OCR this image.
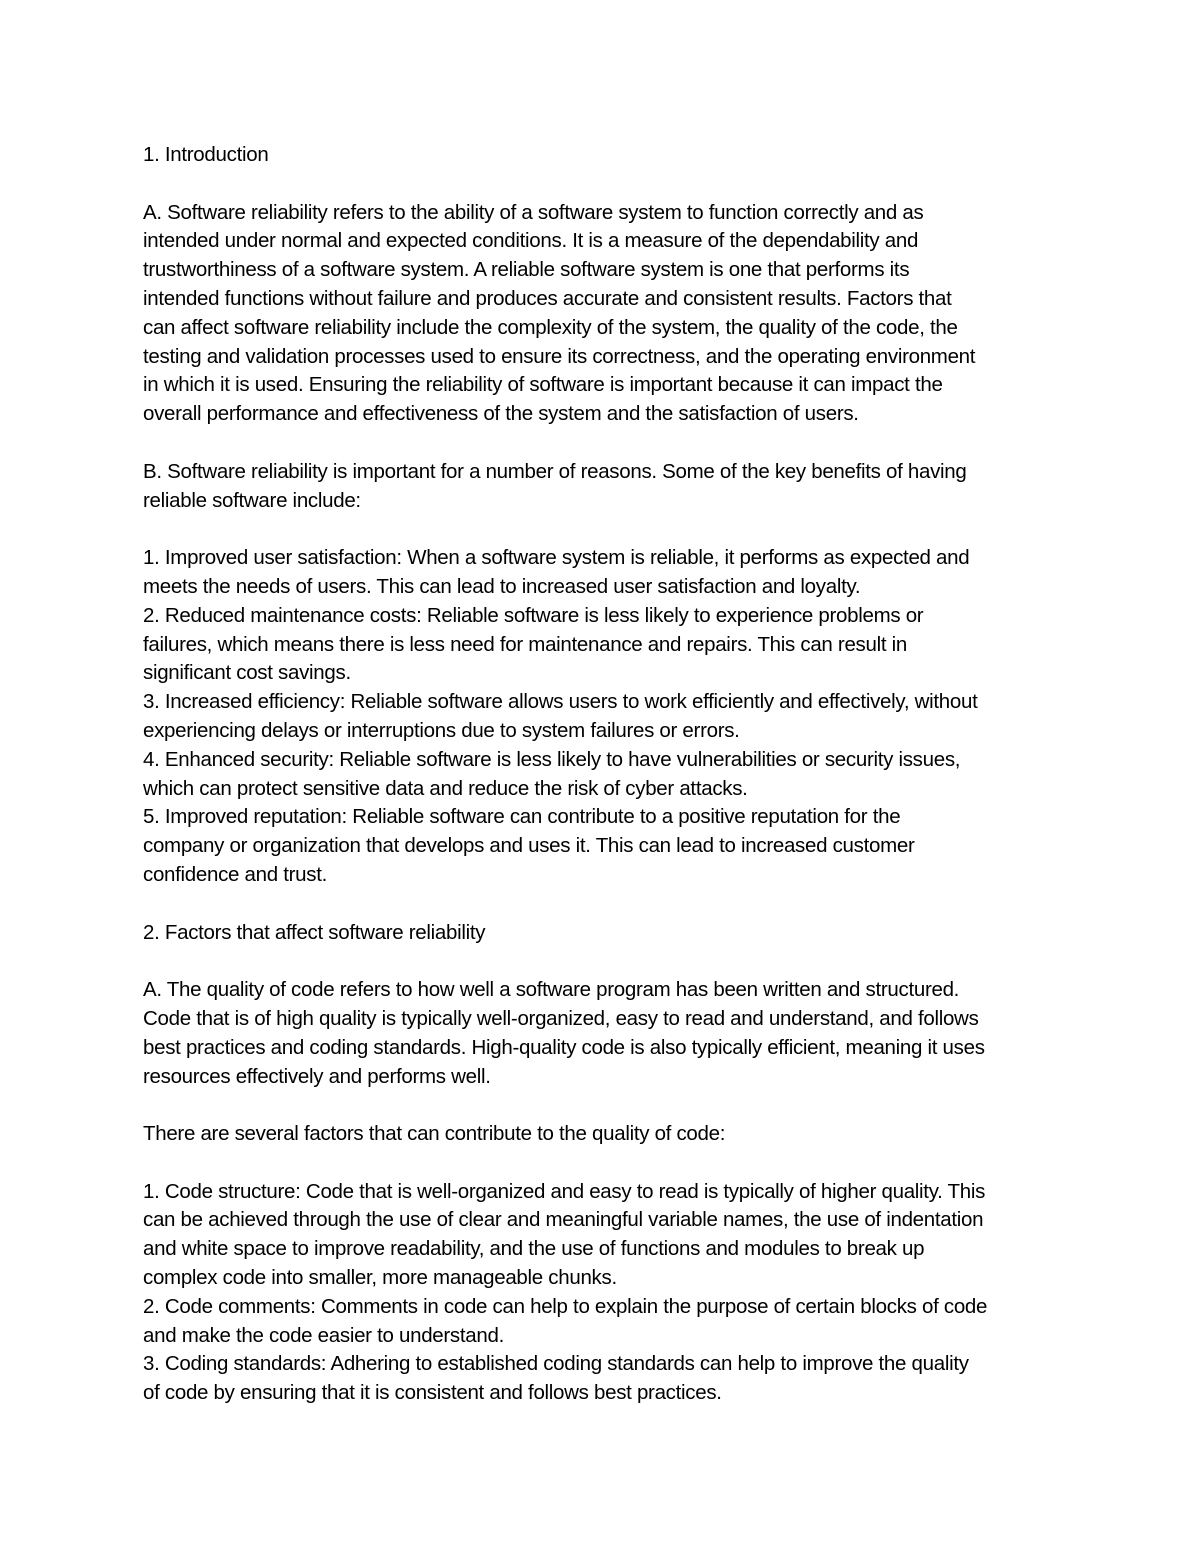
1. Introduction
A. Software reliability refers to the ability of a software system to function correctly and as
intended under normal and expected conditions. It is a measure of the dependability and
trustworthiness of a software system. A reliable software system is one that performs its
intended functions without failure and produces accurate and consistent results. Factors that
can affect software reliability include the complexity of the system, the quality of the code, the
testing and validation processes used to ensure its correctness, and the operating environment
in which it is used. Ensuring the reliability of software is important because it can impact the
overall performance and effectiveness of the system and the satisfaction of users.
B. Software reliability is important for a number of reasons. Some of the key benefits of having
reliable software include:
1. Improved user satisfaction: When a software system is reliable, it performs as expected and
meets the needs of users. This can lead to increased user satisfaction and loyalty.
2. Reduced maintenance costs: Reliable software is less likely to experience problems or
failures, which means there is less need for maintenance and repairs. This can result in
significant cost savings.
3. Increased efficiency: Reliable software allows users to work efficiently and effectively, without
experiencing delays or interruptions due to system failures or errors.
4. Enhanced security: Reliable software is less likely to have vulnerabilities or security issues,
which can protect sensitive data and reduce the risk of cyber attacks.
5. Improved reputation: Reliable software can contribute to a positive reputation for the
company or organization that develops and uses it. This can lead to increased customer
confidence and trust.
2. Factors that affect software reliability
A. The quality of code refers to how well a software program has been written and structured.
Code that is of high quality is typically well-organized, easy to read and understand, and follows
best practices and coding standards. High-quality code is also typically efficient, meaning it uses
resources effectively and performs well.
There are several factors that can contribute to the quality of code:
1. Code structure: Code that is well-organized and easy to read is typically of higher quality. This
can be achieved through the use of clear and meaningful variable names, the use of indentation
and white space to improve readability, and the use of functions and modules to break up
complex code into smaller, more manageable chunks.
2. Code comments: Comments in code can help to explain the purpose of certain blocks of code
and make the code easier to understand.
3. Coding standards: Adhering to established coding standards can help to improve the quality
of code by ensuring that it is consistent and follows best practices.
